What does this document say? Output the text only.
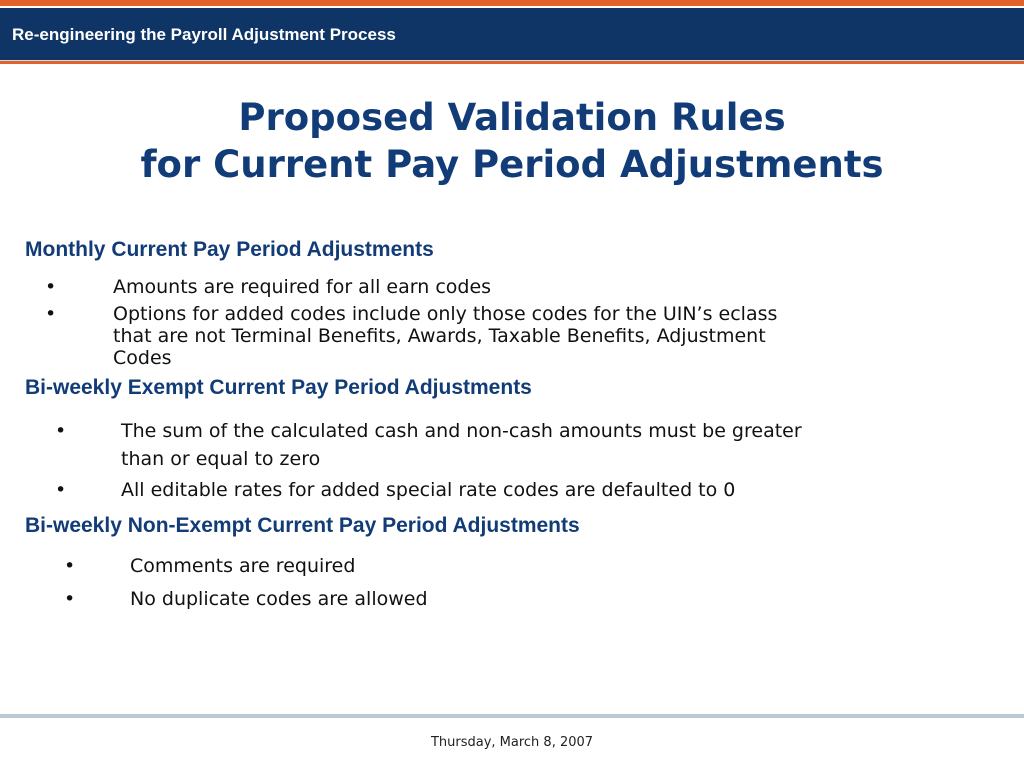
Re-engineering the Payroll Adjustment Process
Proposed Validation Rules
for Current Pay Period Adjustments
Monthly Current Pay Period Adjustments
•	Amounts are required for all earn codes
•	Options for added codes include only those codes for the UIN’s eclass
that are not Terminal Benefits, Awards, Taxable Benefits, Adjustment
Codes
Bi-weekly Exempt Current Pay Period Adjustments
•	The sum of the calculated cash and non-cash amounts must be greater
than or equal to zero
•	All editable rates for added special rate codes are defaulted to 0
Bi-weekly Non-Exempt Current Pay Period Adjustments
•	Comments are required
•	No duplicate codes are allowed
Thursday, March 8, 2007
